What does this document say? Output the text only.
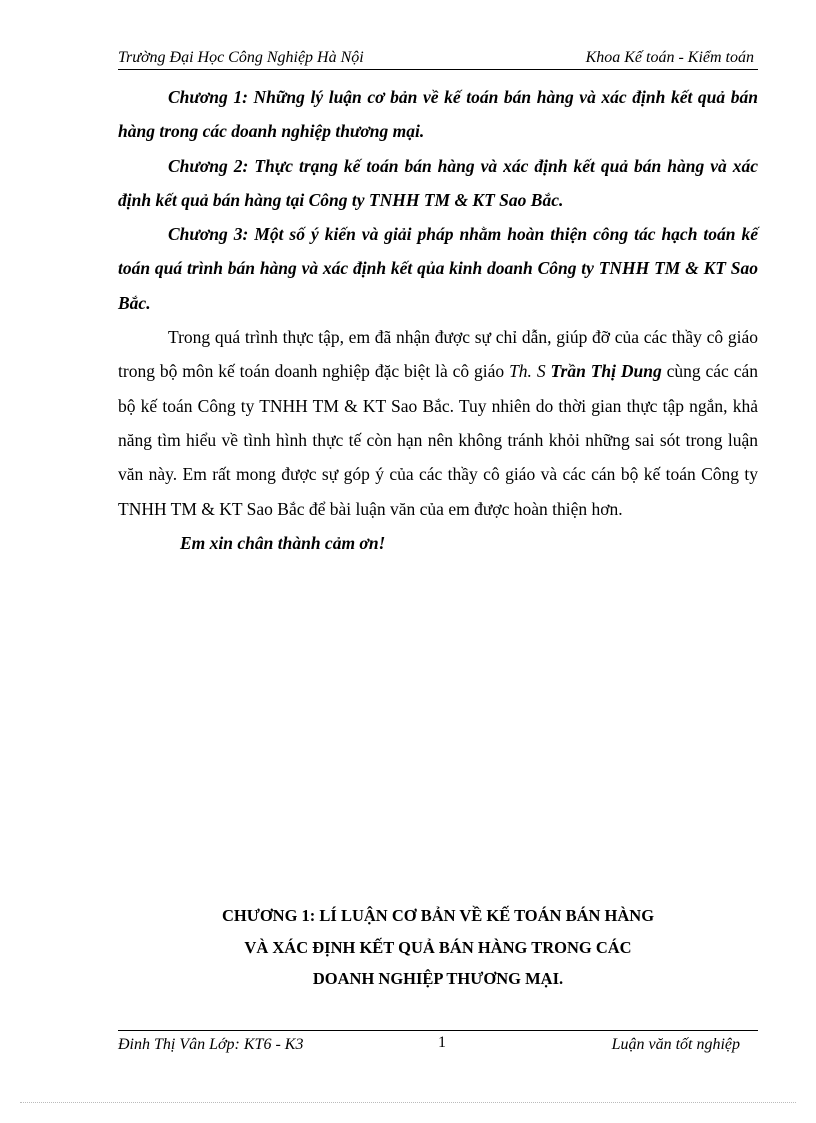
Trường Đại Học Công Nghiệp Hà Nội	Khoa Kế toán - Kiểm toán
Chương 1: Những lý luận cơ bản về kế toán bán hàng và xác định kết quả bán hàng trong các doanh nghiệp thương mại.
Chương 2: Thực trạng kế toán bán hàng và xác định kết quả bán hàng và xác định kết quả bán hàng tại Công ty TNHH TM & KT Sao Bắc.
Chương 3: Một số ý kiến và giải pháp nhằm hoàn thiện công tác hạch toán kế toán quá trình bán hàng và xác định kết qủa kinh doanh Công ty TNHH TM & KT Sao Bắc.
Trong quá trình thực tập, em đã nhận được sự chỉ dẫn, giúp đỡ của các thầy cô giáo trong bộ môn kế toán doanh nghiệp đặc biệt là cô giáo Th. S Trần Thị Dung cùng các cán bộ kế toán Công ty TNHH TM & KT Sao Bắc. Tuy nhiên do thời gian thực tập ngắn, khả năng tìm hiểu về tình hình thực tế còn hạn nên không tránh khỏi những sai sót trong luận văn này. Em rất mong được sự góp ý của các thầy cô giáo và các cán bộ kế toán Công ty TNHH TM & KT Sao Bắc để bài luận văn của em được hoàn thiện hơn.
Em xin chân thành cảm ơn!
CHƯƠNG 1: LÍ LUẬN CƠ BẢN VỀ KẾ TOÁN BÁN HÀNG
VÀ XÁC ĐỊNH KẾT QUẢ BÁN HÀNG TRONG CÁC
DOANH NGHIỆP THƯƠNG MẠI.
Đinh Thị Vân Lớp: KT6 - K3	1	Luận văn tốt nghiệp
